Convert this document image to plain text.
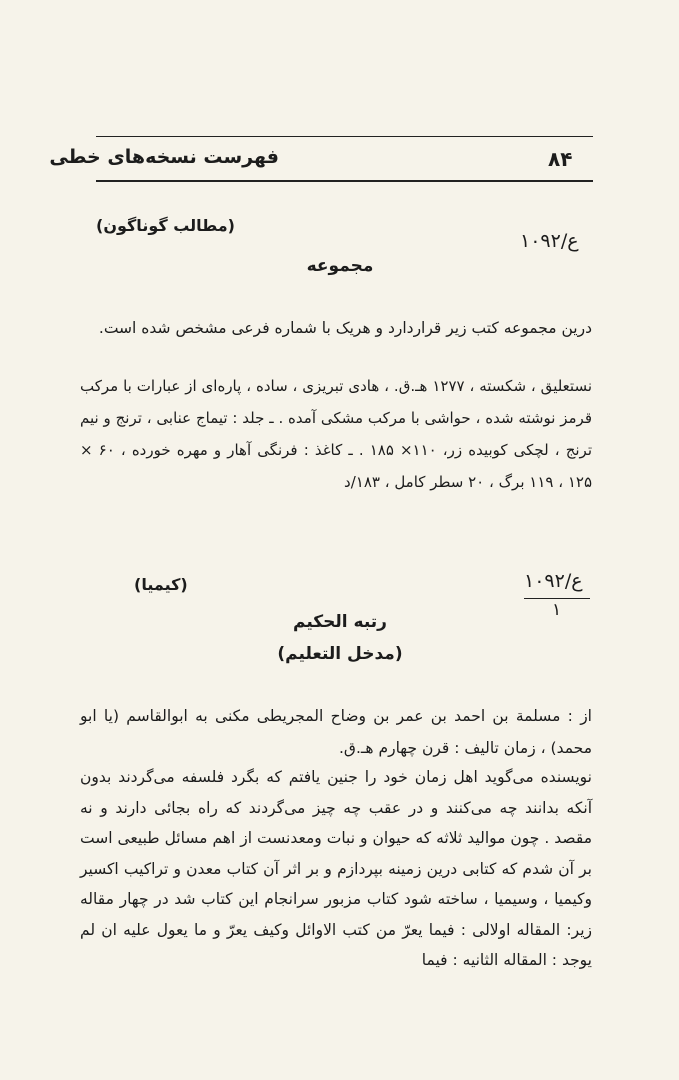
فهرست نسخه‌های خطی	۸۴
(مطالب گوناگون)
ع/۱۰۹۲
مجموعه
درین مجموعه کتب زیر قراردارد و هریک با شماره فرعی مشخص شده است.
نستعلیق ، شکسته ، ۱۲۷۷ هـ.ق. ، هادی تبریزی ، ساده ، پاره‌ای از عبارات با مرکب قرمز نوشته شده ، حواشی با مرکب مشکی آمده . ـ جلد : تیماج عنابی ، ترنج و نیم ترنج ، لچکی کوبیده زر، ۱۱۰× ۱۸۵ . ـ کاغذ : فرنگی آهار و مهره خورده ، ۶۰ × ۱۲۵ ، ۱۱۹ برگ ، ۲۰ سطر کامل ، ۱۸۳/د
(کیمیا)	ع/۱۰۹۲
۱
رتبه الحکیم
(مدخل التعلیم)
از : مسلمة بن احمد بن عمر بن وضاح المجریطی مکنی به ابوالقاسم (یا ابو محمد) ، زمان تالیف : قرن چهارم هـ.ق.
نویسنده می‌گوید اهل زمان خود را جنین یافتم که بگرد فلسفه می‌گردند بدون آنکه بدانند چه می‌کنند و در عقب چه چیز می‌گردند که راه بجائی دارند و نه مقصد . چون موالید ثلاثه که حیوان و نبات ومعدنست از اهم مسائل طبیعی است بر آن شدم که کتابی درین زمینه بپردازم و بر اثر آن کتاب معدن و تراکیب اکسیر وکیمیا ، وسیمیا ، ساخته شود کتاب مزبور سرانجام این کتاب شد در چهار مقاله زیر: المقاله اولالی : فیما یعرّ من کتب الاوائل وکیف یعرّ و ما یعول علیه ان لم یوجد : المقاله الثانیه : فیما
